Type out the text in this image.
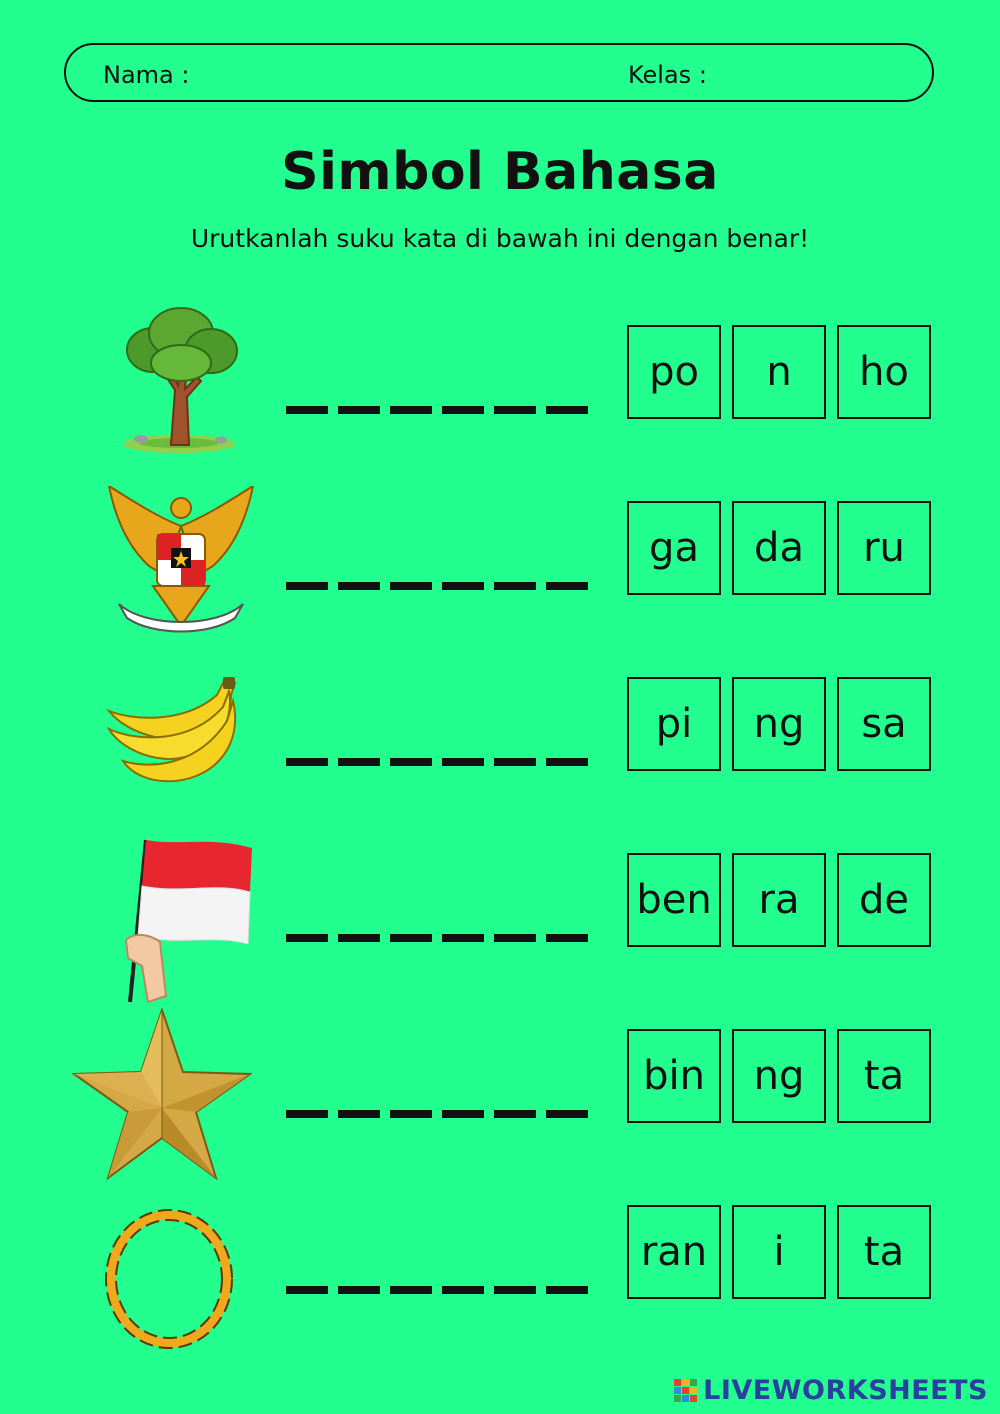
Nama :	Kelas :
Simbol Bahasa
Urutkanlah suku kata di bawah ini dengan benar!
po	n	ho
ga	da	ru
pi	ng	sa
ben	ra	de
bin	ng	ta
ran	i	ta
LIVEWORKSHEETS
